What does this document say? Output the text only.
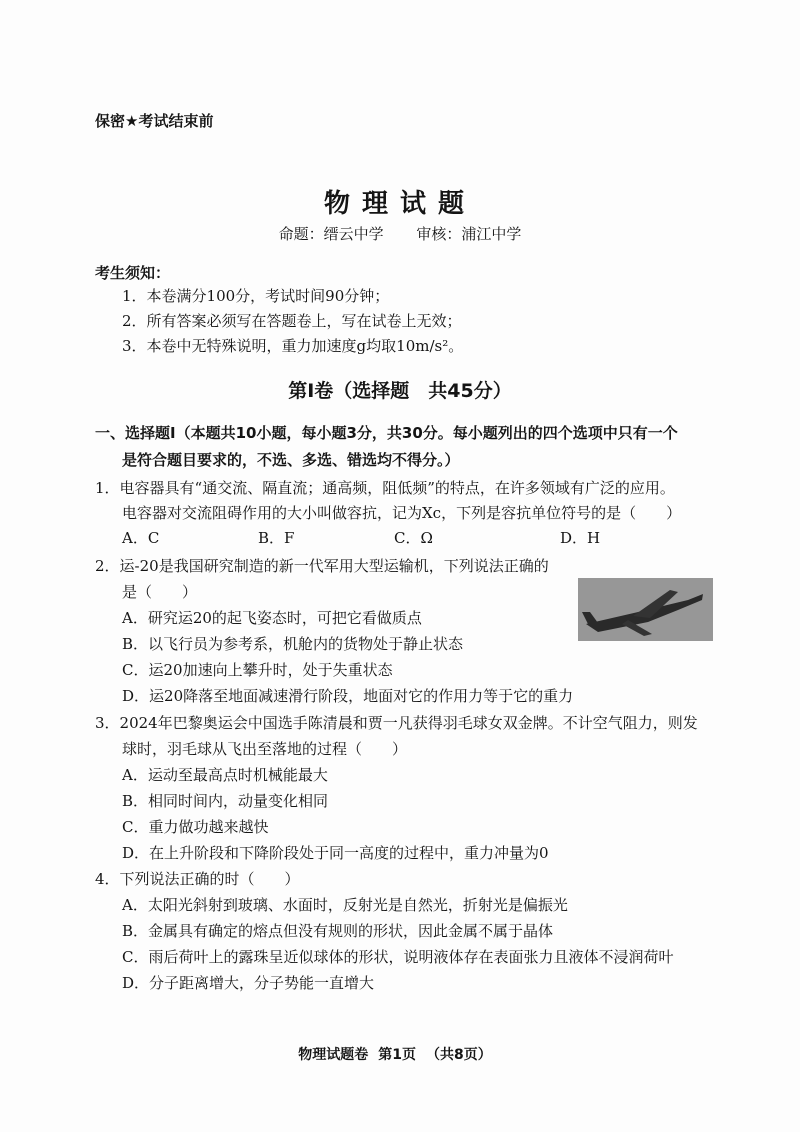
保密★考试结束前
物理试题
命题：缙云中学 审核：浦江中学
考生须知：
1．本卷满分100分，考试时间90分钟；
2．所有答案必须写在答题卷上，写在试卷上无效；
3．本卷中无特殊说明，重力加速度g均取10m/s²。
第Ⅰ卷（选择题　共45分）
一、选择题Ⅰ（本题共10小题，每小题3分，共30分。每小题列出的四个选项中只有一个
是符合题目要求的，不选、多选、错选均不得分。）
1．电容器具有“通交流、隔直流；通高频，阻低频”的特点，在许多领域有广泛的应用。
电容器对交流阻碍作用的大小叫做容抗，记为Xc，下列是容抗单位符号的是（　　）
A．C	B．F	C．Ω	D．H
2．运-20是我国研究制造的新一代军用大型运输机，下列说法正确的
是（　　）
A．研究运20的起飞姿态时，可把它看做质点
B．以飞行员为参考系，机舱内的货物处于静止状态
C．运20加速向上攀升时，处于失重状态
D．运20降落至地面减速滑行阶段，地面对它的作用力等于它的重力
3．2024年巴黎奥运会中国选手陈清晨和贾一凡获得羽毛球女双金牌。不计空气阻力，则发
球时，羽毛球从飞出至落地的过程（　　）
A．运动至最高点时机械能最大
B．相同时间内，动量变化相同
C．重力做功越来越快
D．在上升阶段和下降阶段处于同一高度的过程中，重力冲量为0
4．下列说法正确的时（　　）
A．太阳光斜射到玻璃、水面时，反射光是自然光，折射光是偏振光
B．金属具有确定的熔点但没有规则的形状，因此金属不属于晶体
C．雨后荷叶上的露珠呈近似球体的形状，说明液体存在表面张力且液体不浸润荷叶
D．分子距离增大，分子势能一直增大
物理试题卷 第1页 （共8页）
